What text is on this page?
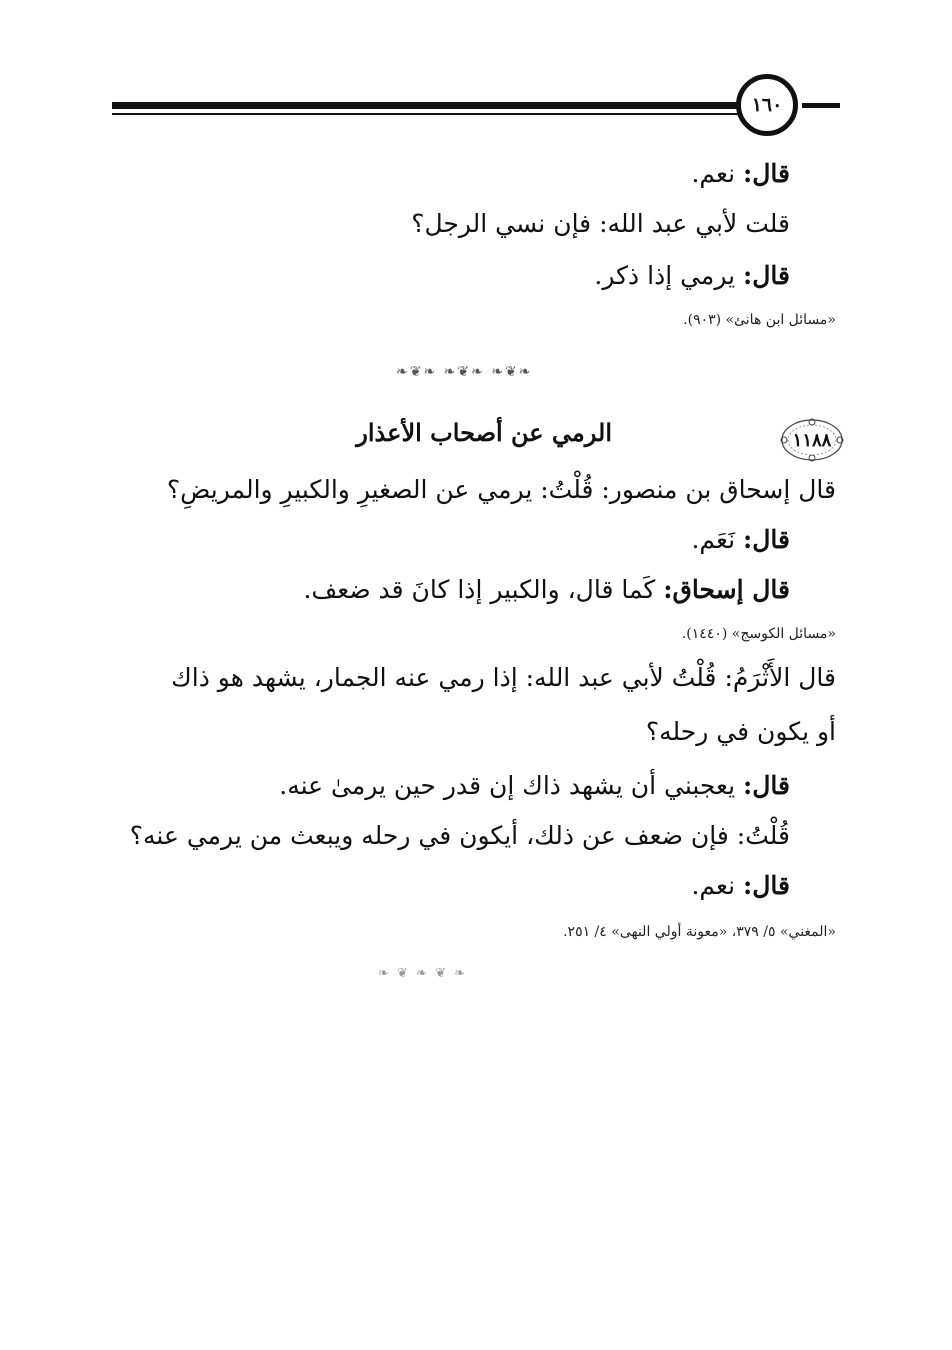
١٦٠
قال: نعم.
قلت لأبي عبد الله: فإن نسي الرجل؟
قال: يرمي إذا ذكر.
«مسائل ابن هانئ» (٩٠٣).
❧❦❧ ❧❦❧ ❧❦❧
١١٨٨
الرمي عن أصحاب الأعذار
قال إسحاق بن منصور: قُلْتُ: يرمي عن الصغيرِ والكبيرِ والمريضِ؟
قال: نَعَم.
قال إسحاق: كَما قال، والكبير إذا كانَ قد ضعف.
«مسائل الكوسج» (١٤٤٠).
قال الأَثْرَمُ: قُلْتُ لأبي عبد الله: إذا رمي عنه الجمار، يشهد هو ذاك
أو يكون في رحله؟
قال: يعجبني أن يشهد ذاك إن قدر حين يرمىٰ عنه.
قُلْتُ: فإن ضعف عن ذلك، أيكون في رحله ويبعث من يرمي عنه؟
قال: نعم.
«المغني» ٥/ ٣٧٩، «معونة أولي النهى» ٤/ ٢٥١.
❧ ❦ ❧ ❦ ❧
